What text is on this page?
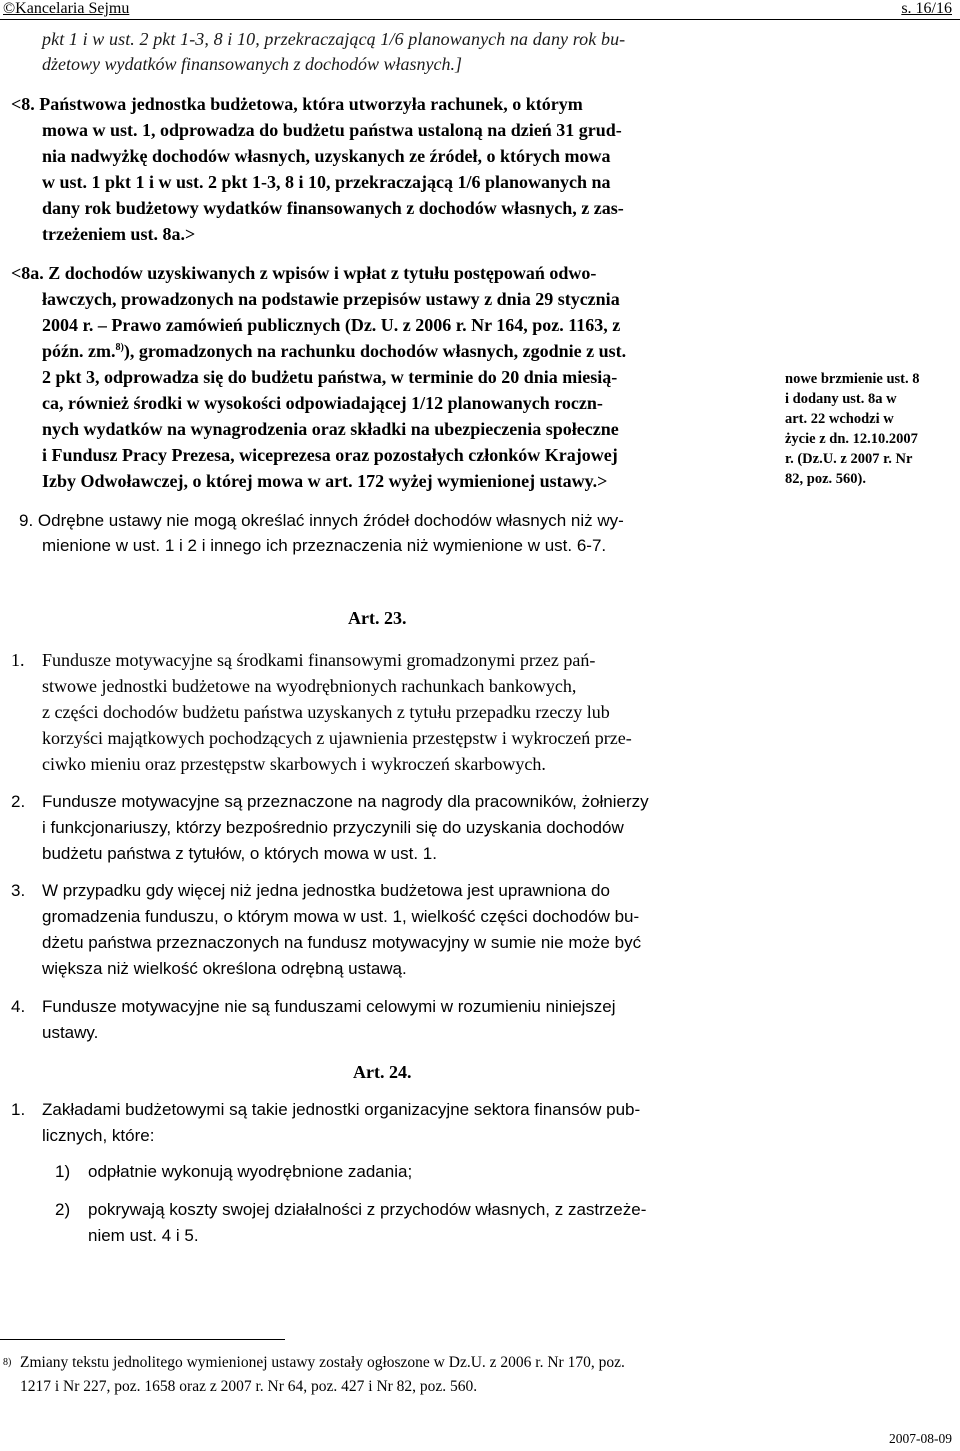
©Kancelaria Sejmu	s. 16/16
pkt 1 i w ust. 2 pkt 1-3, 8 i 10, przekraczającą 1/6 planowanych na dany rok bu-
dżetowy wydatków finansowanych z dochodów własnych.]
<8. Państwowa jednostka budżetowa, która utworzyła rachunek, o którym
mowa w ust. 1, odprowadza do budżetu państwa ustaloną na dzień 31 grud-
nia nadwyżkę dochodów własnych, uzyskanych ze źródeł, o których mowa
w ust. 1 pkt 1 i w ust. 2 pkt 1-3, 8 i 10, przekraczającą 1/6 planowanych na
dany rok budżetowy wydatków finansowanych z dochodów własnych, z zas-
trzeżeniem ust. 8a.>
<8a. Z dochodów uzyskiwanych z wpisów i wpłat z tytułu postępowań odwo-
ławczych, prowadzonych na podstawie przepisów ustawy z dnia 29 stycznia
2004 r. – Prawo zamówień publicznych (Dz. U. z 2006 r. Nr 164, poz. 1163, z
późn. zm.$^{8)}$), gromadzonych na rachunku dochodów własnych, zgodnie z ust.
2 pkt 3, odprowadza się do budżetu państwa, w terminie do 20 dnia miesią-
ca, również środki w wysokości odpowiadającej 1/12 planowanych roczn-
nych wydatków na wynagrodzenia oraz składki na ubezpieczenia społeczne
i Fundusz Pracy Prezesa, wiceprezesa oraz pozostałych członków Krajowej
Izby Odwoławczej, o której mowa w art. 172 wyżej wymienionej ustawy.>
nowe brzmienie ust. 8
i dodany ust. 8a w
art. 22 wchodzi w
życie z dn. 12.10.2007
r. (Dz.U. z 2007 r. Nr
82, poz. 560).
9. Odrębne ustawy nie mogą określać innych źródeł dochodów własnych niż wy-
mienione w ust. 1 i 2 i innego ich przeznaczenia niż wymienione w ust. 6-7.
Art. 23.
1. Fundusze motywacyjne są środkami finansowymi gromadzonymi przez pań-
stwowe jednostki budżetowe na wyodrębnionych rachunkach bankowych,
z części dochodów budżetu państwa uzyskanych z tytułu przepadku rzeczy lub
korzyści majątkowych pochodzących z ujawnienia przestępstw i wykroczeń prze-
ciwko mieniu oraz przestępstw skarbowych i wykroczeń skarbowych.
2. Fundusze motywacyjne są przeznaczone na nagrody dla pracowników, żołnierzy
i funkcjonariuszy, którzy bezpośrednio przyczynili się do uzyskania dochodów
budżetu państwa z tytułów, o których mowa w ust. 1.
3. W przypadku gdy więcej niż jedna jednostka budżetowa jest uprawniona do
gromadzenia funduszu, o którym mowa w ust. 1, wielkość części dochodów bu-
dżetu państwa przeznaczonych na fundusz motywacyjny w sumie nie może być
większa niż wielkość określona odrębną ustawą.
4. Fundusze motywacyjne nie są funduszami celowymi w rozumieniu niniejszej
ustawy.
Art. 24.
1. Zakładami budżetowymi są takie jednostki organizacyjne sektora finansów pub-
licznych, które:
1) odpłatnie wykonują wyodrębnione zadania;
2) pokrywają koszty swojej działalności z przychodów własnych, z zastrzeże-
niem ust. 4 i 5.
8) Zmiany tekstu jednolitego wymienionej ustawy zostały ogłoszone w Dz.U. z 2006 r. Nr 170, poz.
1217 i Nr 227, poz. 1658 oraz z 2007 r. Nr 64, poz. 427 i Nr 82, poz. 560.
2007-08-09
